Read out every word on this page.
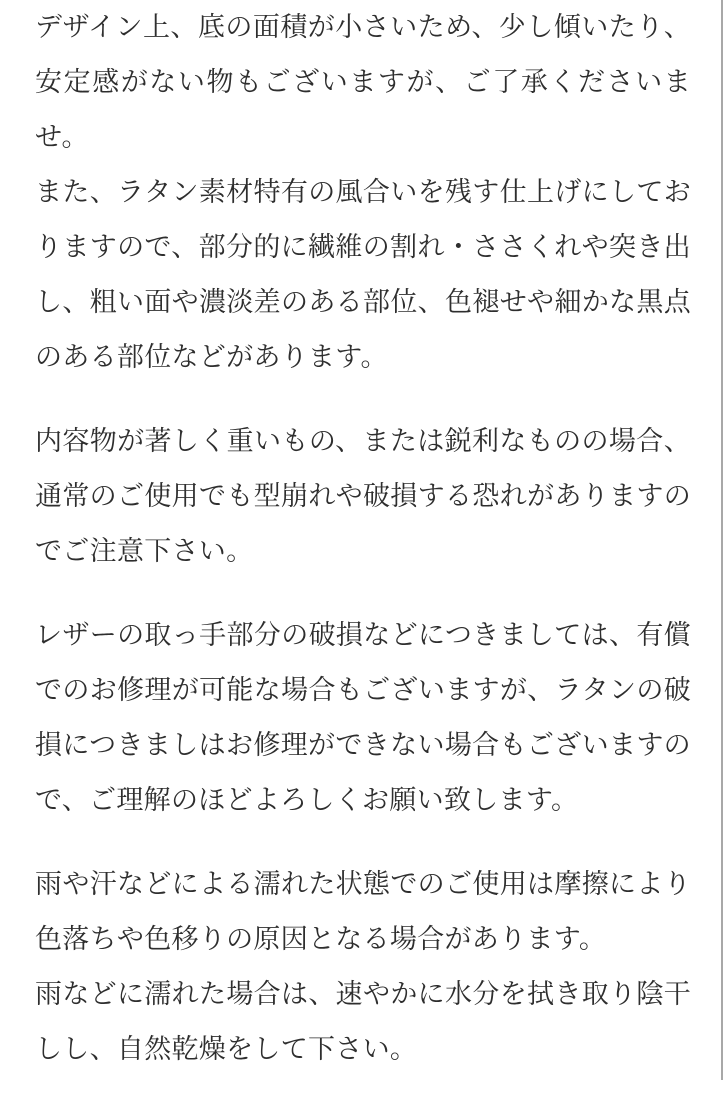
デザイン上、底の面積が小さいため、少し傾いたり、
安定感がない物もございますが、ご了承くださいま
せ。
また、ラタン素材特有の風合いを残す仕上げにしてお
りますので、部分的に繊維の割れ・ささくれや突き出
し、粗い面や濃淡差のある部位、色褪せや細かな黒点
のある部位などがあります。

内容物が著しく重いもの、または鋭利なものの場合、
通常のご使用でも型崩れや破損する恐れがありますの
でご注意下さい。

レザーの取っ手部分の破損などにつきましては、有償
でのお修理が可能な場合もございますが、ラタンの破
損につきましはお修理ができない場合もございますの
で、ご理解のほどよろしくお願い致します。

雨や汗などによる濡れた状態でのご使用は摩擦により
色落ちや色移りの原因となる場合があります。
雨などに濡れた場合は、速やかに水分を拭き取り陰干
しし、自然乾燥をして下さい。
